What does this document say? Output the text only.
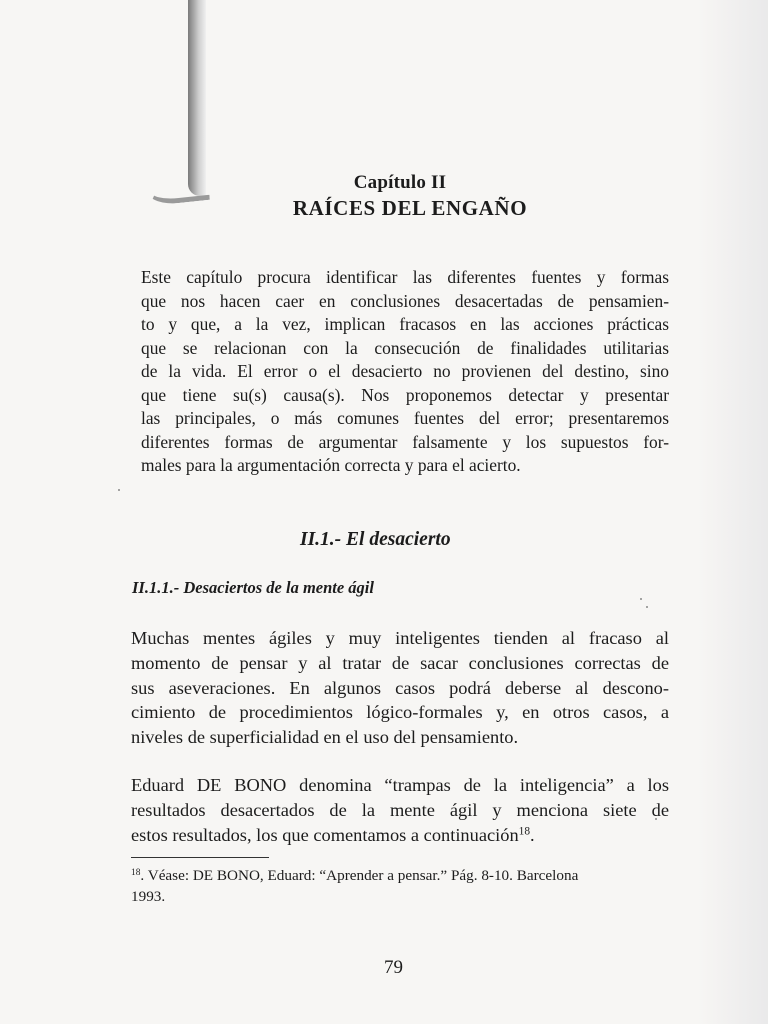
Capítulo II
RAÍCES DEL ENGAÑO
Este capítulo procura identificar las diferentes fuentes y formas
que nos hacen caer en conclusiones desacertadas de pensamien-
to y que, a la vez, implican fracasos en las acciones prácticas
que se relacionan con la consecución de finalidades utilitarias
de la vida. El error o el desacierto no provienen del destino, sino
que tiene su(s) causa(s). Nos proponemos detectar y presentar
las principales, o más comunes fuentes del error; presentaremos
diferentes formas de argumentar falsamente y los supuestos for-
males para la argumentación correcta y para el acierto.
II.1.- El desacierto
II.1.1.- Desaciertos de la mente ágil
Muchas mentes ágiles y muy inteligentes tienden al fracaso al
momento de pensar y al tratar de sacar conclusiones correctas de
sus aseveraciones. En algunos casos podrá deberse al descono-
cimiento de procedimientos lógico-formales y, en otros casos, a
niveles de superficialidad en el uso del pensamiento.
Eduard DE BONO denomina “trampas de la inteligencia” a los
resultados desacertados de la mente ágil y menciona siete de
estos resultados, los que comentamos a continuación$^{18}$.
$^{18}$. Véase: DE BONO, Eduard: “Aprender a pensar.” Pág. 8-10. Barcelona
1993.
79
